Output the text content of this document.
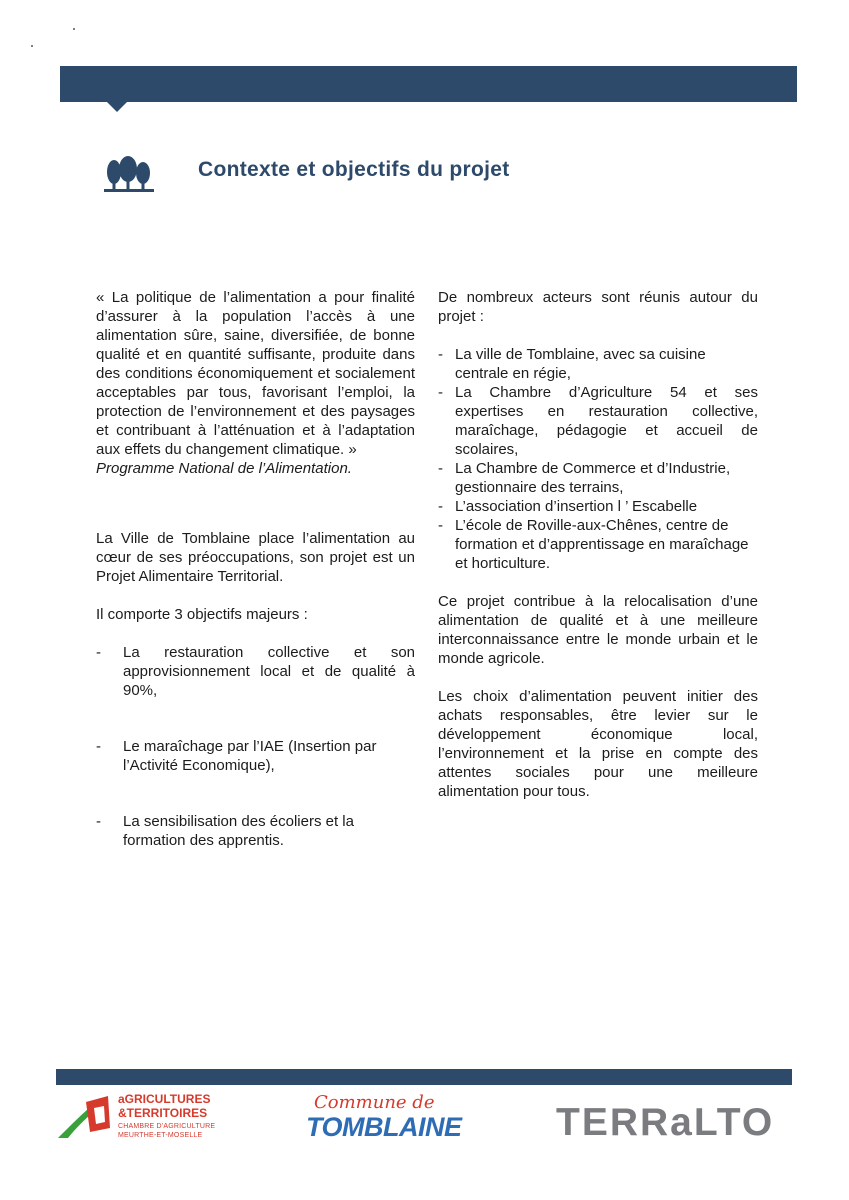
Contexte et objectifs du projet

« La politique de l’alimentation a pour finalité d’assurer à la population l’accès à une alimentation sûre, saine, diversifiée, de bonne qualité et en quantité suffisante, produite dans des conditions économiquement et socialement acceptables par tous, favorisant l’emploi, la protection de l’environnement et des paysages et contribuant à l’atténuation et à l’adaptation aux effets du changement climatique. »
Programme National de l’Alimentation.

La Ville de Tomblaine place l’alimentation au cœur de ses préoccupations, son projet est un Projet Alimentaire Territorial.

Il comporte 3 objectifs majeurs :

-	La restauration collective et son approvisionnement local et de qualité à 90%,
-	Le maraîchage par l’IAE (Insertion par l’Activité Economique),
-	La sensibilisation des écoliers et la formation des apprentis.

De nombreux acteurs sont réunis autour du projet :

- La ville de Tomblaine, avec sa cuisine centrale en régie,
- La Chambre d’Agriculture 54 et ses expertises en restauration collective, maraîchage, pédagogie et accueil de scolaires,
- La Chambre de Commerce et d’Industrie, gestionnaire des terrains,
- L’association d’insertion l ’ Escabelle
- L’école de Roville-aux-Chênes, centre de formation et d’apprentissage en maraîchage et horticulture.

Ce projet contribue à la relocalisation d’une alimentation de qualité et à une meilleure interconnaissance entre le monde urbain et le monde agricole.

Les choix d’alimentation peuvent initier des achats responsables, être levier sur le développement économique local, l’environnement et la prise en compte des attentes sociales pour une meilleure alimentation pour tous.

aGRICULTURES
&TERRITOIRES
CHAMBRE D'AGRICULTURE
MEURTHE-ET-MOSELLE
Commune de
TOMBLAINE TERRaLTO
